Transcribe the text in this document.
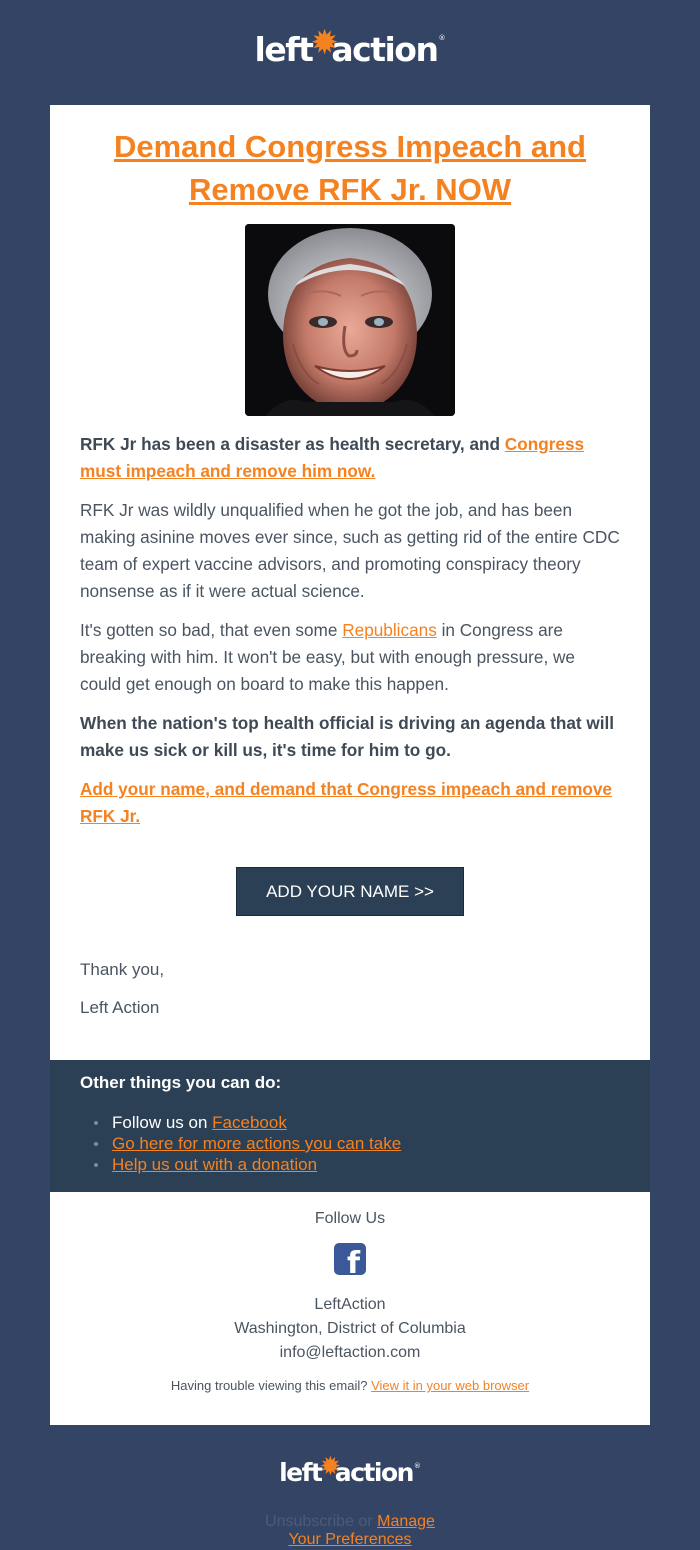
left
✹
action ®
Demand Congress Impeach and Remove RFK Jr. NOW

RFK Jr has been a disaster as health secretary, and Congress must impeach and remove him now.

RFK Jr was wildly unqualified when he got the job, and has been making asinine moves ever since, such as getting rid of the entire CDC team of expert vaccine advisors, and promoting conspiracy theory nonsense as if it were actual science.

It's gotten so bad, that even some Republicans in Congress are breaking with him. It won't be easy, but with enough pressure, we could get enough on board to make this happen.

When the nation's top health official is driving an agenda that will make us sick or kill us, it's time for him to go.

Add your name, and demand that Congress impeach and remove RFK Jr.

ADD YOUR NAME >>
Thank you,
Left Action
Other things you can do:
Follow us on Facebook
Go here for more actions you can take
Help us out with a donation
Follow Us
f
LeftAction
Washington, District of Columbia
info@leftaction.com
Having trouble viewing this email? View it in your web browser
left
✹
action ®
Unsubscribe or Manage
Your Preferences
